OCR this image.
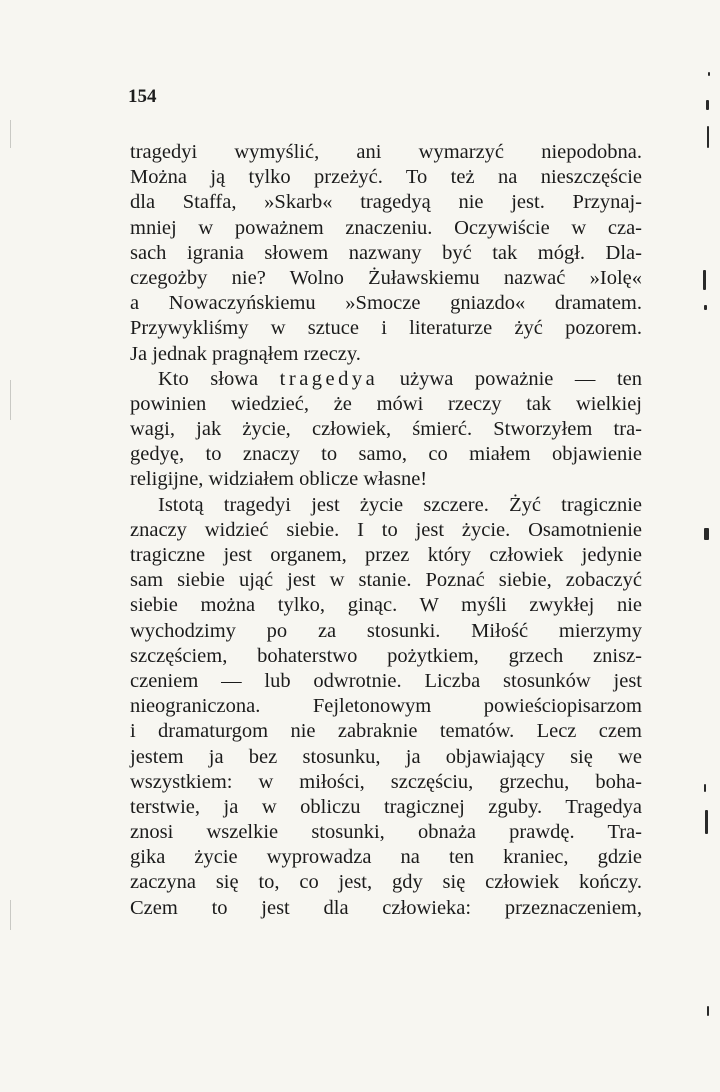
154
tragedyi wymyślić, ani wymarzyć niepodobna.
Można ją tylko przeżyć. To też na nieszczęście
dla Staffa, »Skarb« tragedyą nie jest. Przynaj-
mniej w poważnem znaczeniu. Oczywiście w cza-
sach igrania słowem nazwany być tak mógł. Dla-
czegożby nie? Wolno Żuławskiemu nazwać »Iolę«
a Nowaczyńskiemu »Smocze gniazdo« dramatem.
Przywykliśmy w sztuce i literaturze żyć pozorem.
Ja jednak pragnąłem rzeczy.
Kto słowa tragedya używa poważnie — ten
powinien wiedzieć, że mówi rzeczy tak wielkiej
wagi, jak życie, człowiek, śmierć. Stworzyłem tra-
gedyę, to znaczy to samo, co miałem objawienie
religijne, widziałem oblicze własne!
Istotą tragedyi jest życie szczere. Żyć tragicznie
znaczy widzieć siebie. I to jest życie. Osamotnienie
tragiczne jest organem, przez który człowiek jedynie
sam siebie ująć jest w stanie. Poznać siebie, zobaczyć
siebie można tylko, ginąc. W myśli zwykłej nie
wychodzimy po za stosunki. Miłość mierzymy
szczęściem, bohaterstwo pożytkiem, grzech znisz-
czeniem — lub odwrotnie. Liczba stosunków jest
nieograniczona. Fejletonowym powieściopisarzom
i dramaturgom nie zabraknie tematów. Lecz czem
jestem ja bez stosunku, ja objawiający się we
wszystkiem: w miłości, szczęściu, grzechu, boha-
terstwie, ja w obliczu tragicznej zguby. Tragedya
znosi wszelkie stosunki, obnaża prawdę. Tra-
gika życie wyprowadza na ten kraniec, gdzie
zaczyna się to, co jest, gdy się człowiek kończy.
Czem to jest dla człowieka: przeznaczeniem,
